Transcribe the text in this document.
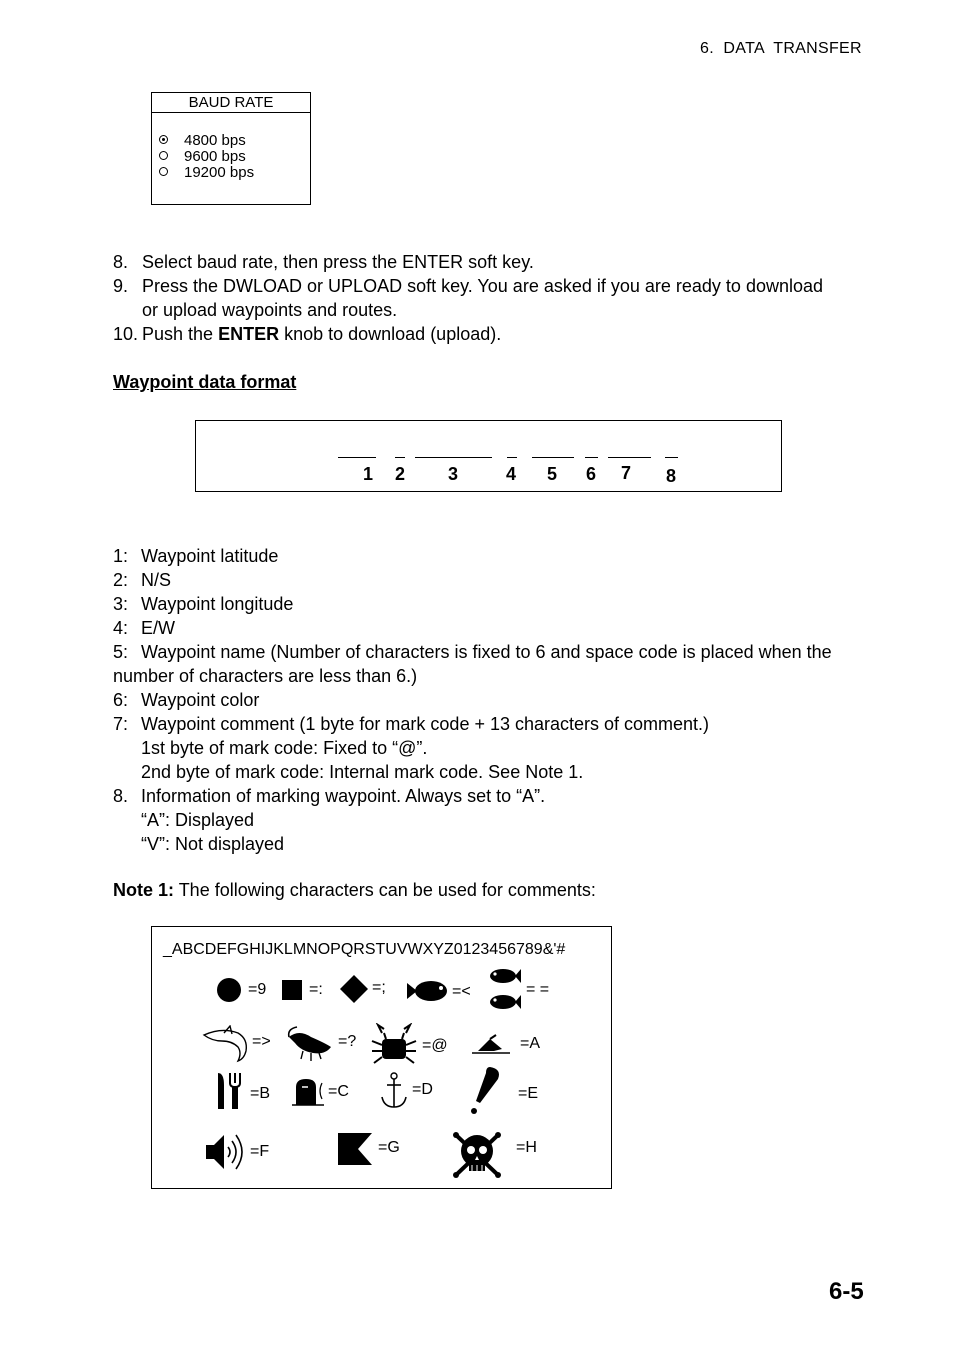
6.  DATA  TRANSFER
BAUD RATE
4800 bps
9600 bps
19200 bps
8. Select baud rate, then press the ENTER soft key.
9. Press the DWLOAD or UPLOAD soft key. You are asked if you are ready to download
or upload waypoints and routes.
10. Push the ENTER knob to download (upload).
Waypoint data format
1 2 3	4 5 6 7 8
1: Waypoint latitude
2: N/S
3: Waypoint longitude
4: E/W
5: Waypoint name (Number of characters is fixed to 6 and space code is placed when the
number of characters are less than 6.)
6: Waypoint color
7: Waypoint comment (1 byte for mark code + 13 characters of comment.)
1st byte of mark code: Fixed to “@”.
2nd byte of mark code: Internal mark code. See Note 1.
8. Information of marking waypoint. Always set to “A”.
“A”: Displayed
“V”: Not displayed
Note 1: The following characters can be used for comments:
_ABCDEFGHIJKLMNOPQRSTUVWXYZ0123456789&'#
=9	=:	=;	=<	= =
=>	=?	=@	=A
=B	=C	=D	=E
=F	=G	=H
6-5
